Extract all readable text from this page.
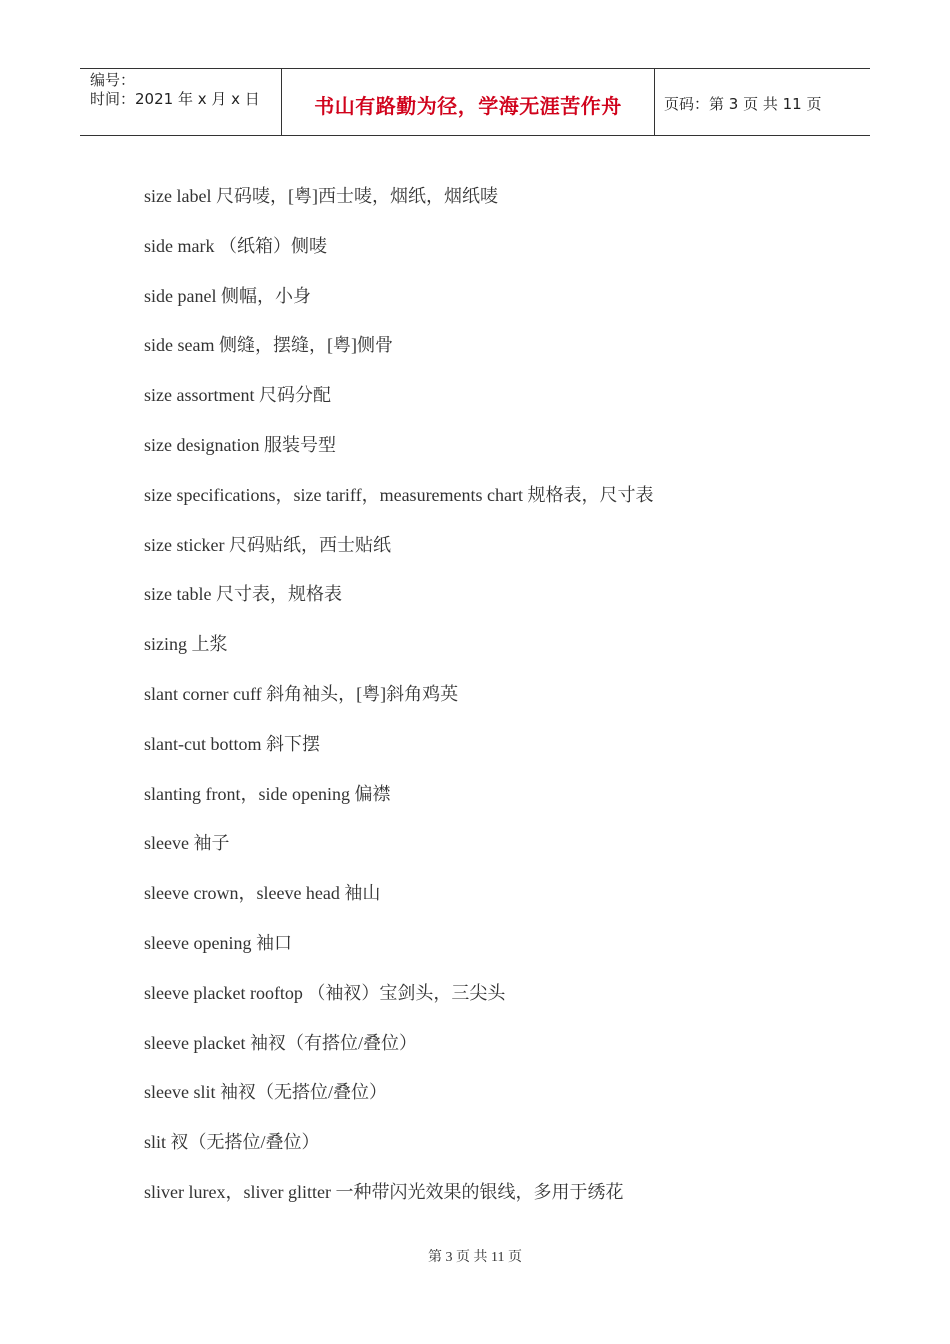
编号：
时间：2021 年 x 月 x 日	书山有路勤为径，学海无涯苦作舟	页码：第 3 页 共 11 页
size label 尺码唛，[粤]西士唛，烟纸，烟纸唛
side mark （纸箱）侧唛
side panel 侧幅，小身
side seam 侧缝，摆缝，[粤]侧骨
size assortment 尺码分配
size designation 服装号型
size specifications，size tariff，measurements chart 规格表，尺寸表
size sticker 尺码贴纸，西士贴纸
size table 尺寸表，规格表
sizing 上浆
slant corner cuff 斜角袖头，[粤]斜角鸡英
slant-cut bottom 斜下摆
slanting front，side opening 偏襟
sleeve 袖子
sleeve crown，sleeve head 袖山
sleeve opening 袖口
sleeve placket rooftop （袖衩）宝剑头，三尖头
sleeve placket 袖衩（有搭位/叠位）
sleeve slit 袖衩（无搭位/叠位）
slit 衩（无搭位/叠位）
sliver lurex，sliver glitter 一种带闪光效果的银线，多用于绣花
第 3 页 共 11 页
